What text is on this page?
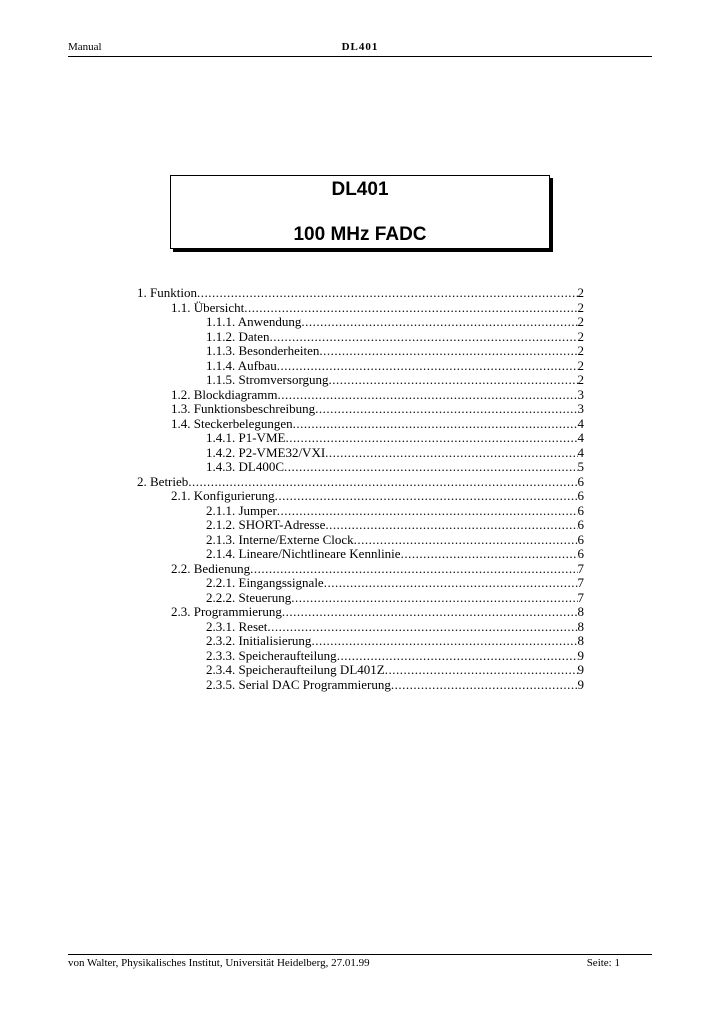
Manual	DL401
DL401
100 MHz FADC
1. Funktion .....	2
1.1. Übersicht .....	2
1.1.1. Anwendung .....	2
1.1.2. Daten .....	2
1.1.3. Besonderheiten .....	2
1.1.4. Aufbau .....	2
1.1.5. Stromversorgung .....	2
1.2. Blockdiagramm .....	3
1.3. Funktionsbeschreibung .....	3
1.4. Steckerbelegungen .....	4
1.4.1. P1-VME .....	4
1.4.2. P2-VME32/VXI .....	4
1.4.3. DL400C .....	5
2. Betrieb .....	6
2.1. Konfigurierung .....	6
2.1.1. Jumper .....	6
2.1.2. SHORT-Adresse .....	6
2.1.3. Interne/Externe Clock .....	6
2.1.4. Lineare/Nichtlineare Kennlinie .....	6
2.2. Bedienung .....	7
2.2.1. Eingangssignale .....	7
2.2.2. Steuerung .....	7
2.3. Programmierung .....	8
2.3.1. Reset .....	8
2.3.2. Initialisierung .....	8
2.3.3. Speicheraufteilung .....	9
2.3.4. Speicheraufteilung DL401Z .....	9
2.3.5. Serial DAC Programmierung .....	9
von Walter, Physikalisches Institut, Universität Heidelberg, 27.01.99	Seite: 1
